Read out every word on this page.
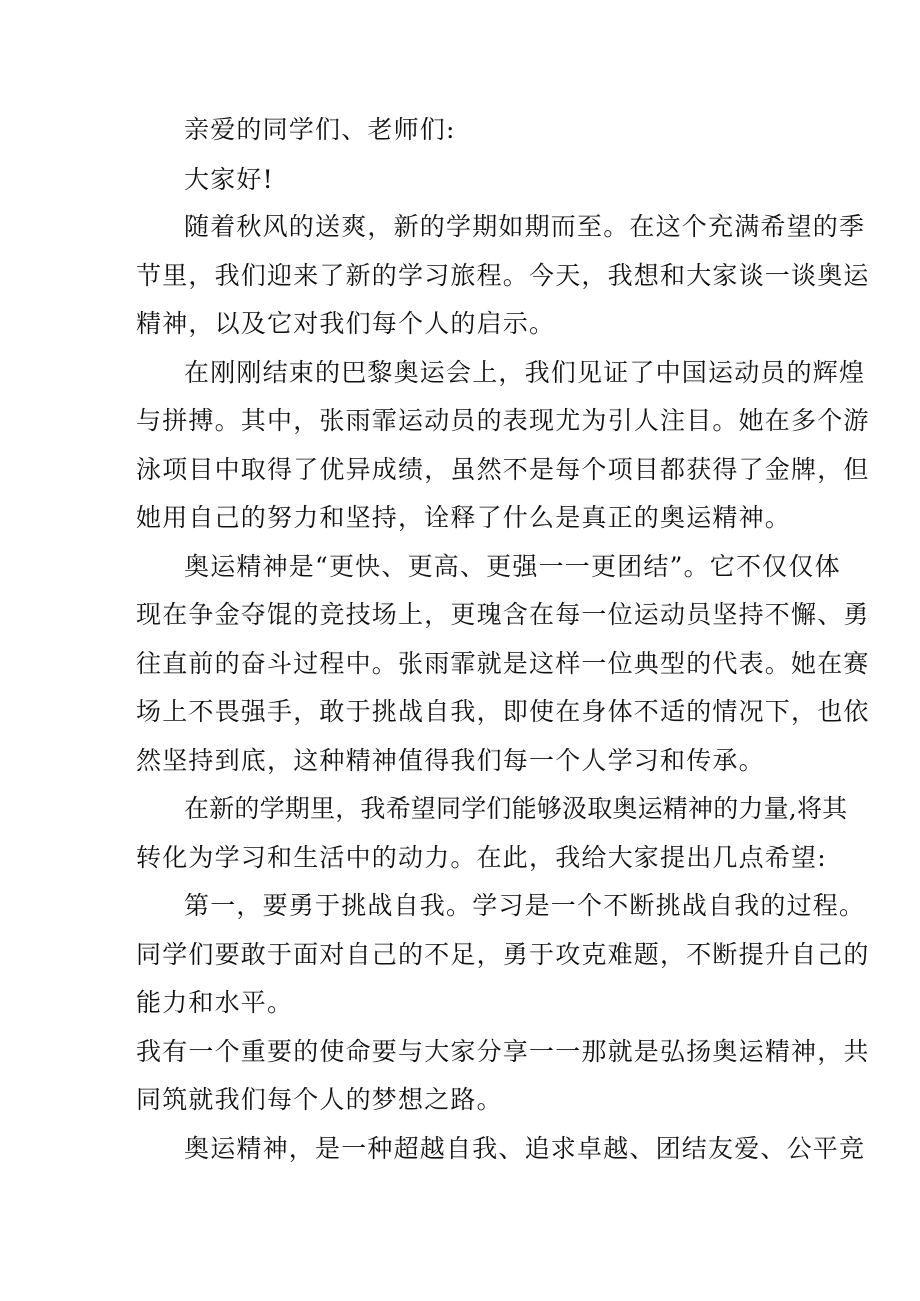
亲爱的同学们、老师们:

大家好!

随着秋风的送爽，新的学期如期而至。在这个充满希望的季

节里，我们迎来了新的学习旅程。今天，我想和大家谈一谈奥运

精神，以及它对我们每个人的启示。

在刚刚结束的巴黎奥运会上，我们见证了中国运动员的辉煌

与拼搏。其中，张雨霏运动员的表现尤为引人注目。她在多个游

泳项目中取得了优异成绩，虽然不是每个项目都获得了金牌，但

她用自己的努力和坚持，诠释了什么是真正的奥运精神。

奥运精神是“更快、更高、更强一一更团结”。它不仅仅体

现在争金夺馄的竞技场上，更瑰含在每一位运动员坚持不懈、勇

往直前的奋斗过程中。张雨霏就是这样一位典型的代表。她在赛

场上不畏强手，敢于挑战自我，即使在身体不适的情况下，也依

然坚持到底，这种精神值得我们每一个人学习和传承。

在新的学期里，我希望同学们能够汲取奥运精神的力量,将其

转化为学习和生活中的动力。在此，我给大家提出几点希望:

第一，要勇于挑战自我。学习是一个不断挑战自我的过程。

同学们要敢于面对自己的不足，勇于攻克难题，不断提升自己的

能力和水平。

我有一个重要的使命要与大家分享一一那就是弘扬奥运精神，共

同筑就我们每个人的梦想之路。

奥运精神，是一种超越自我、追求卓越、团结友爱、公平竞
